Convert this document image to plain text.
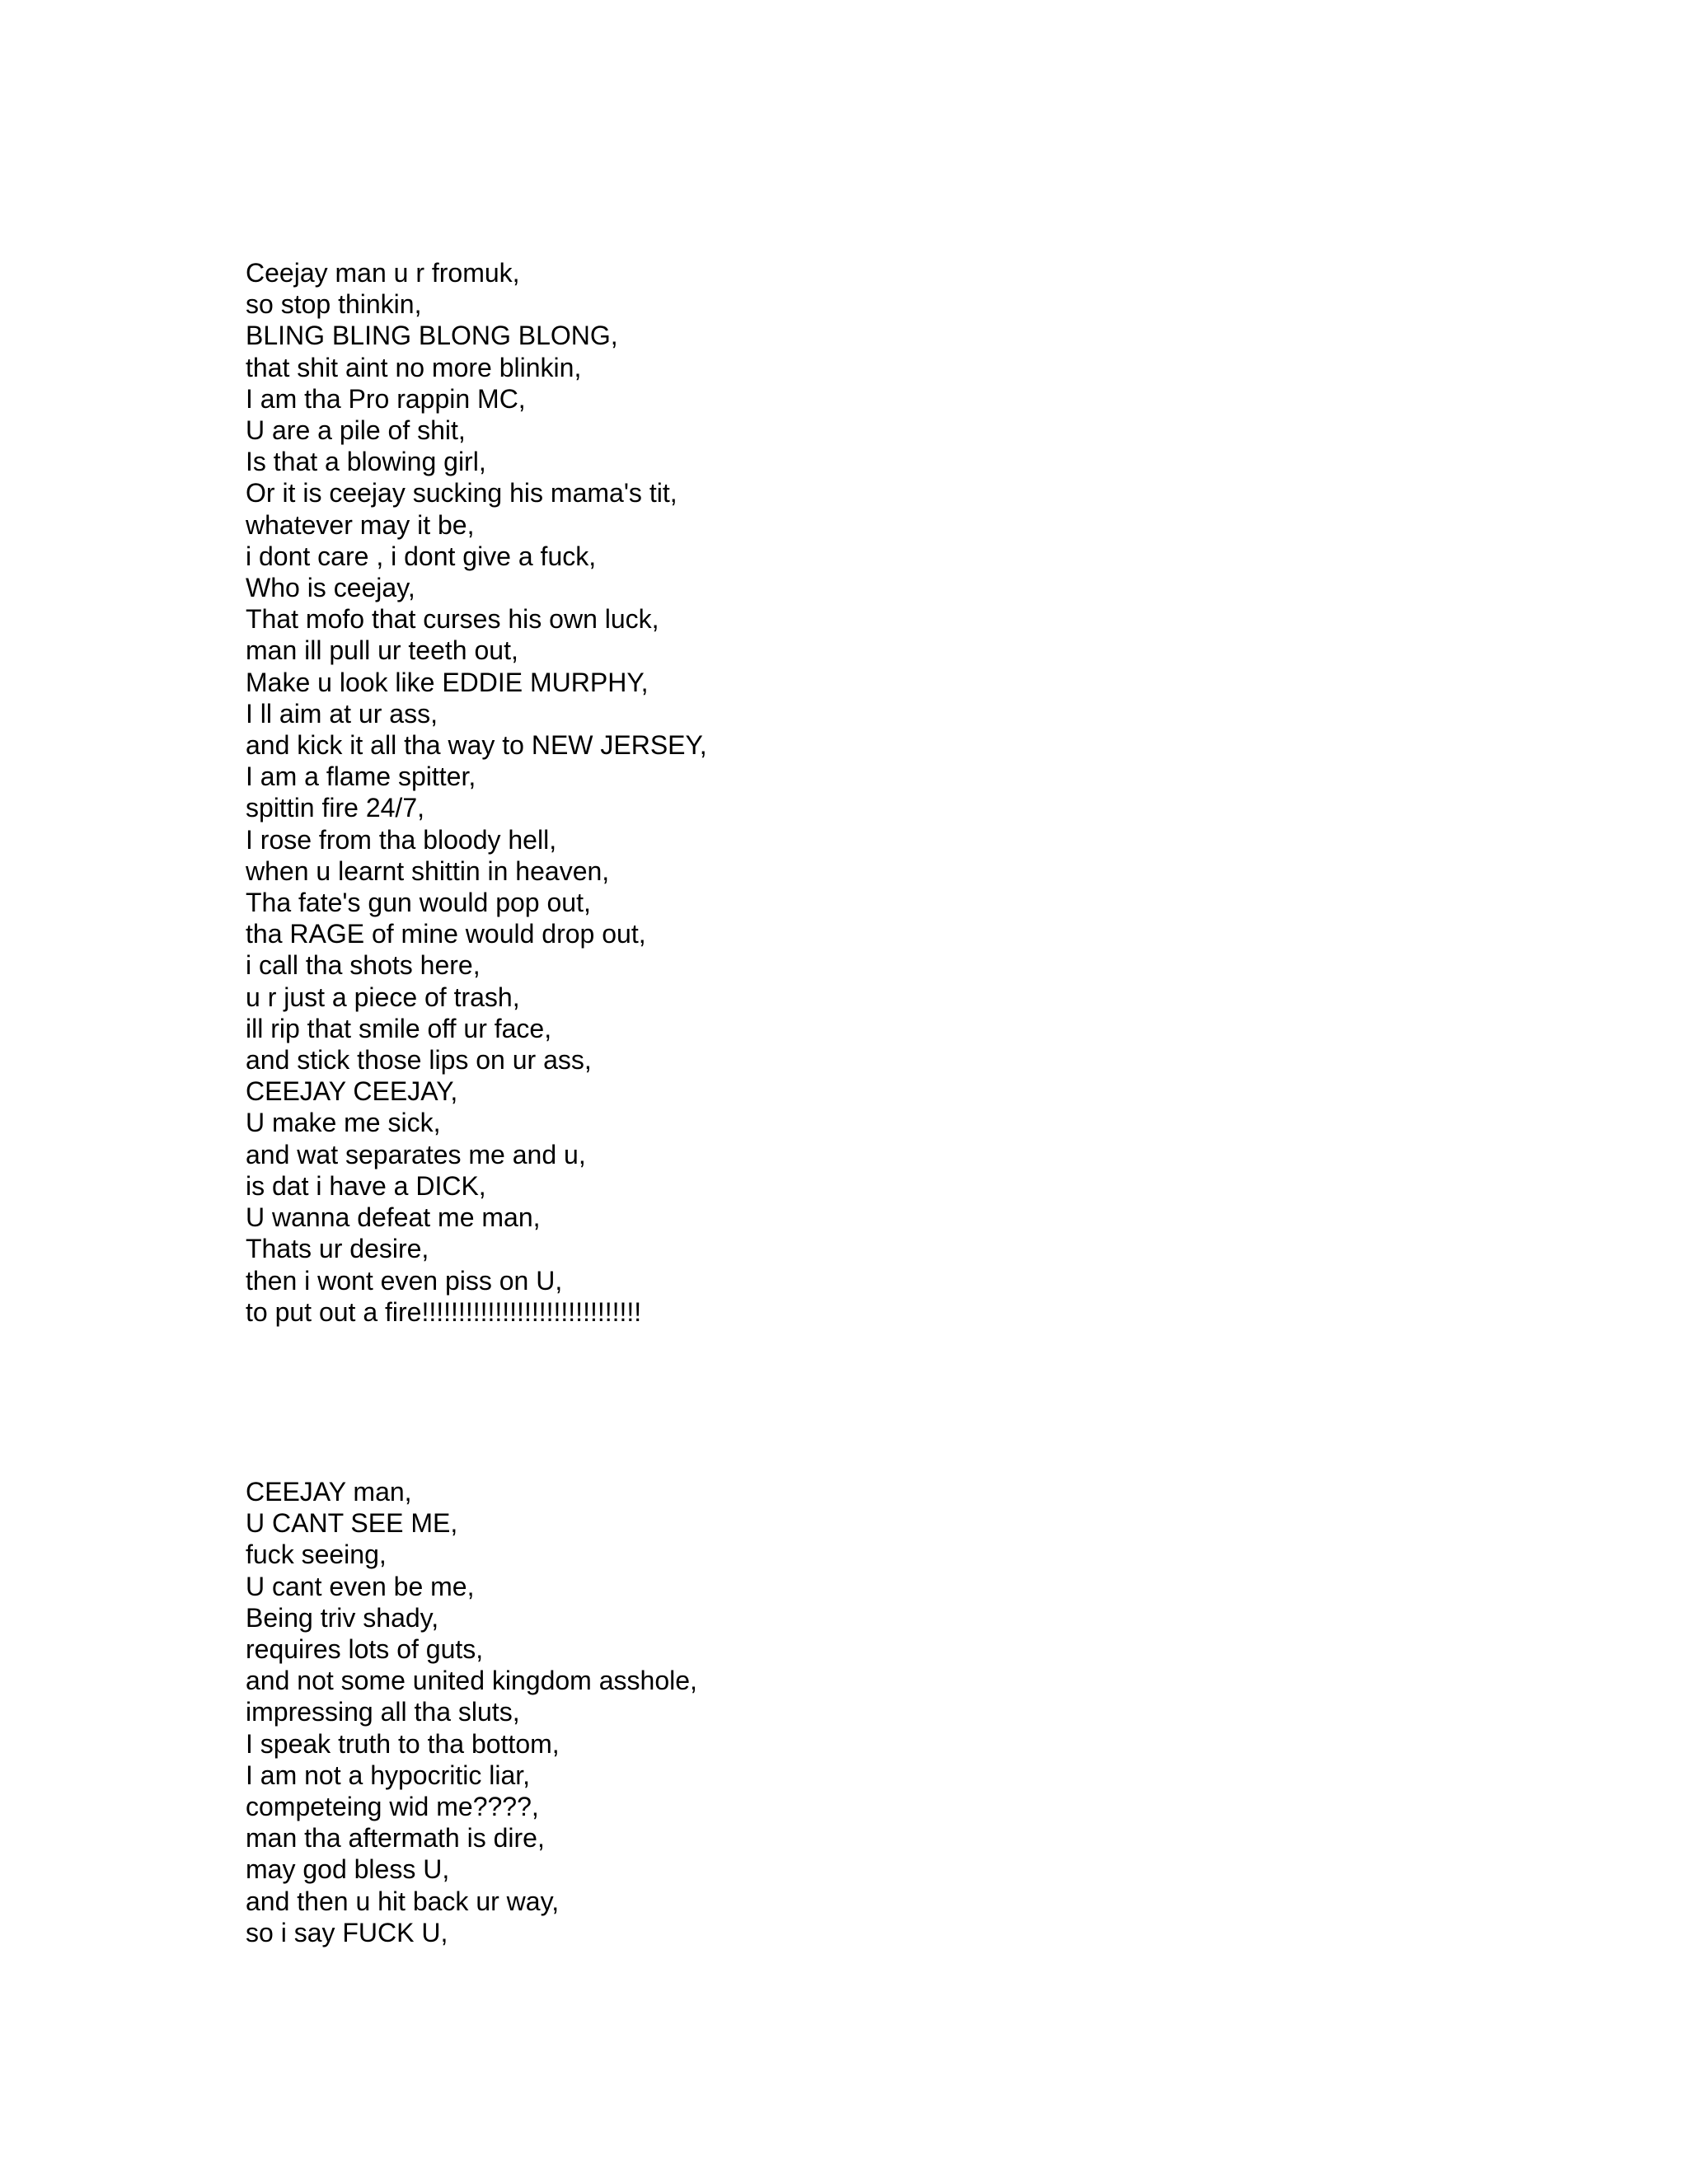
Ceejay man u r fromuk,
so stop thinkin,
BLING BLING BLONG BLONG,
that shit aint no more blinkin,
I am tha Pro rappin MC,
U are a pile of shit,
Is that a blowing girl,
Or it is ceejay sucking his mama's tit,
whatever may it be,
i dont care , i dont give a fuck,
Who is ceejay,
That mofo that curses his own luck,
man ill pull ur teeth out,
Make u look like EDDIE MURPHY,
I ll aim at ur ass,
and kick it all tha way to NEW JERSEY,
I am a flame spitter,
spittin fire 24/7,
I rose from tha bloody hell,
when u learnt shittin in heaven,
Tha fate's gun would pop out,
tha RAGE of mine would drop out,
i call tha shots here,
u r just a piece of trash,
ill rip that smile off ur face,
and stick those lips on ur ass,
CEEJAY CEEJAY,
U make me sick,
and wat separates me and u,
is dat i have a DICK,
U wanna defeat me man,
Thats ur desire,
then i wont even piss on U,
to put out a fire!!!!!!!!!!!!!!!!!!!!!!!!!!!!!!
CEEJAY man,
U CANT SEE ME,
fuck seeing,
U cant even be me,
Being triv shady,
requires lots of guts,
and not some united kingdom asshole,
impressing all tha sluts,
I speak truth to tha bottom,
I am not a hypocritic liar,
competeing wid me????,
man tha aftermath is dire,
may god bless U,
and then u hit back ur way,
so i say FUCK U,
